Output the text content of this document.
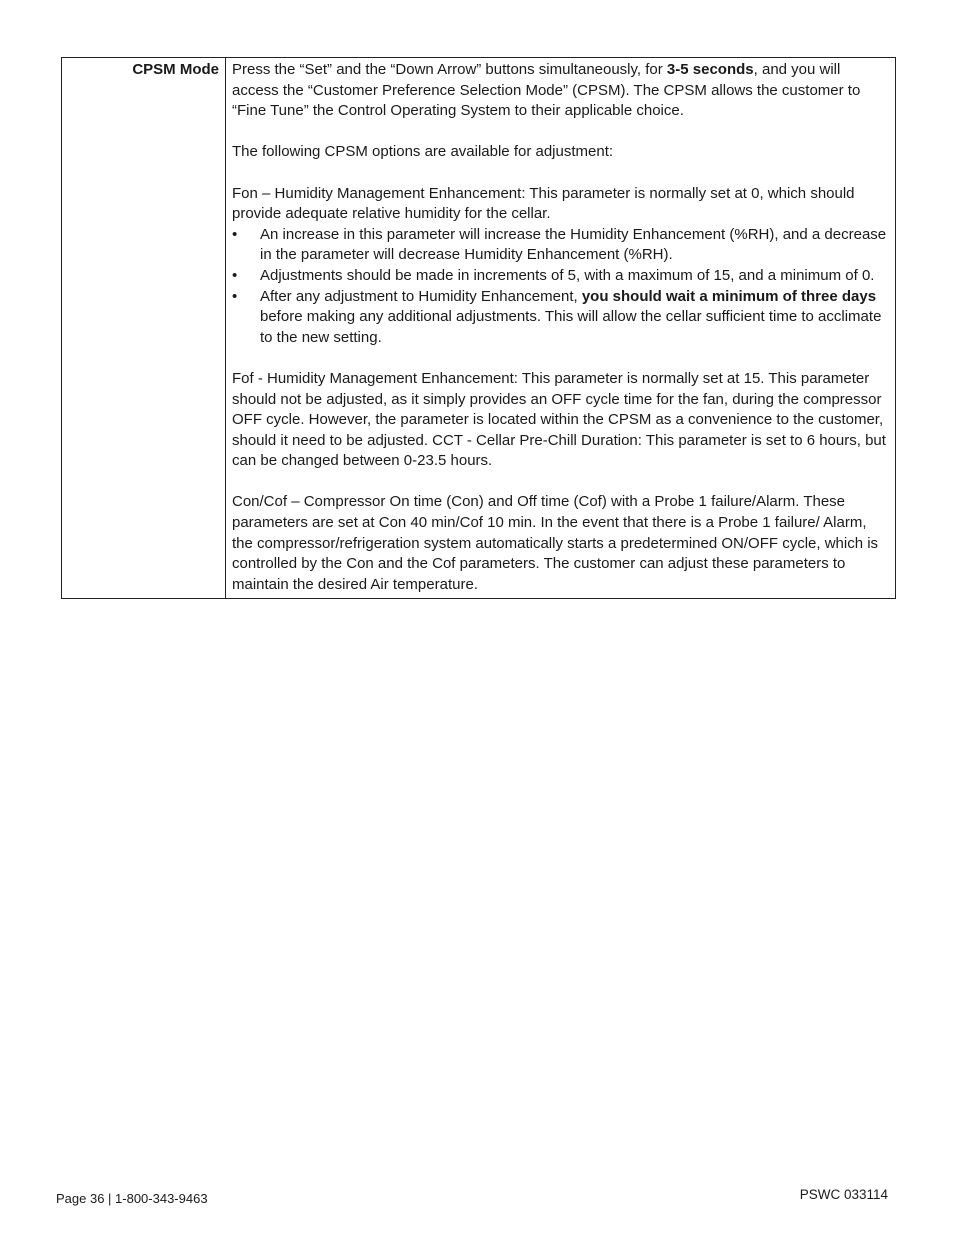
CPSM Mode	Press the “Set” and the “Down Arrow” buttons simultaneously, for 3-5 seconds, and you will access the “Customer Preference Selection Mode” (CPSM). The CPSM allows the customer to “Fine Tune” the Control Operating System to their applicable choice.

The following CPSM options are available for adjustment:

Fon – Humidity Management Enhancement: This parameter is normally set at 0, which should provide adequate relative humidity for the cellar.

•	An increase in this parameter will increase the Humidity Enhancement (%RH), and a decrease in the parameter will decrease Humidity Enhancement (%RH).
•	Adjustments should be made in increments of 5, with a maximum of 15, and a minimum of 0.
•	After any adjustment to Humidity Enhancement, you should wait a minimum of three days before making any additional adjustments. This will allow the cellar sufficient time to acclimate to the new setting.

Fof - Humidity Management Enhancement: This parameter is normally set at 15. This parameter should not be adjusted, as it simply provides an OFF cycle time for the fan, during the compressor OFF cycle. However, the parameter is located within the CPSM as a convenience to the customer, should it need to be adjusted. CCT - Cellar Pre-Chill Duration: This parameter is set to 6 hours, but can be changed between 0-23.5 hours.

Con/Cof – Compressor On time (Con) and Off time (Cof) with a Probe 1 failure/Alarm. These parameters are set at Con 40 min/Cof 10 min. In the event that there is a Probe 1 failure/ Alarm, the compressor/refrigeration system automatically starts a predetermined ON/OFF cycle, which is controlled by the Con and the Cof parameters. The customer can adjust these parameters to maintain the desired Air temperature.

Page 36 | 1-800-343-9463	PSWC 033114
